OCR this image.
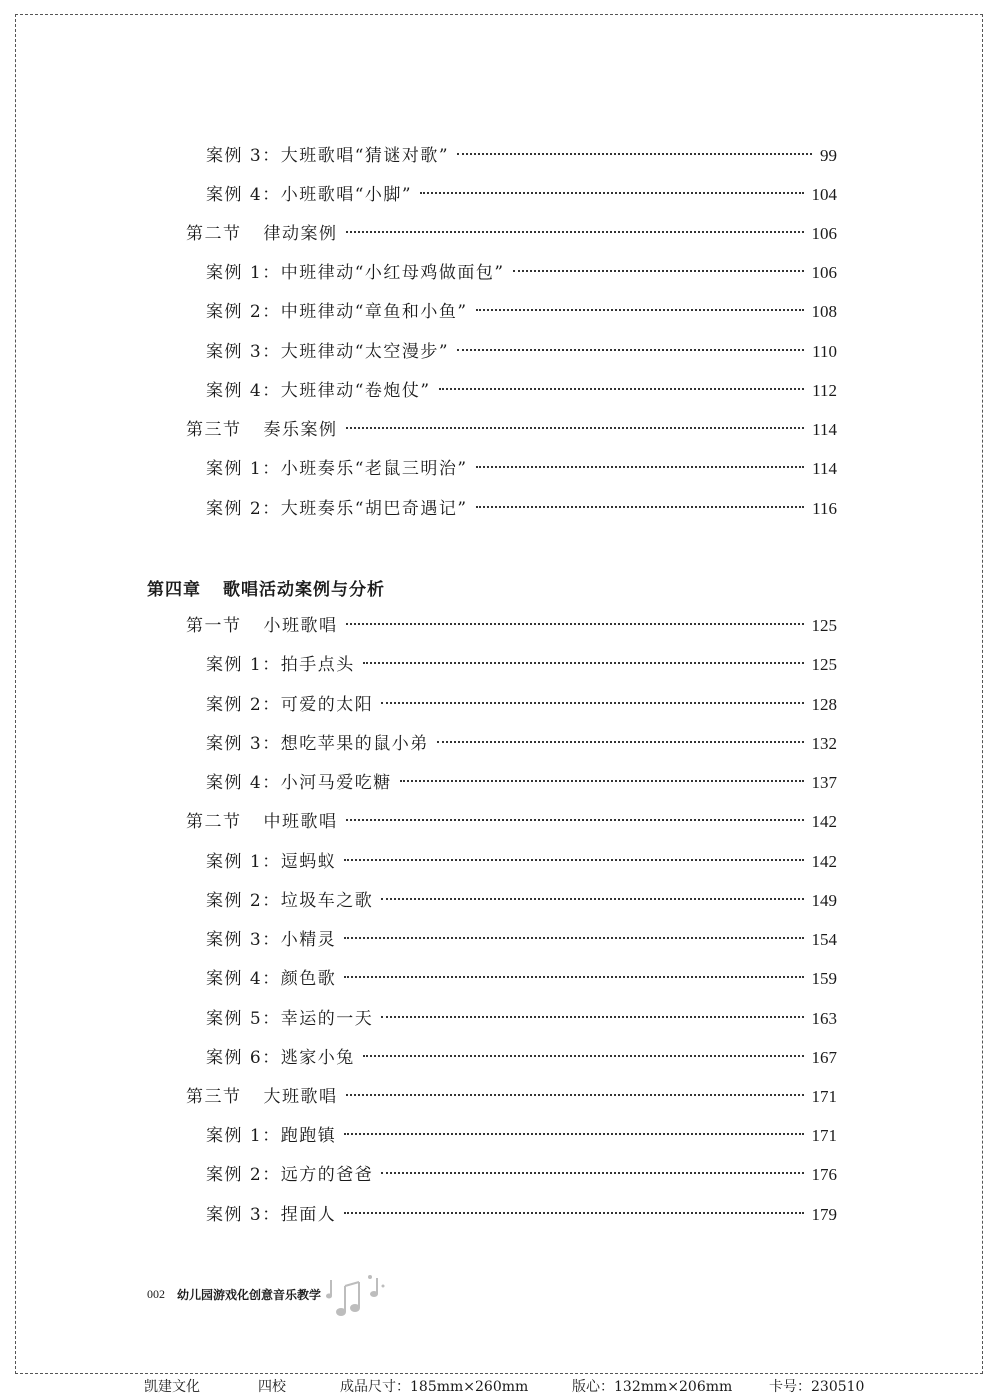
案例 3：大班歌唱“猜谜对歌”	99
案例 4：小班歌唱“小脚”	104
第二节 律动案例	106
案例 1：中班律动“小红母鸡做面包”	106
案例 2：中班律动“章鱼和小鱼”	108
案例 3：大班律动“太空漫步”	110
案例 4：大班律动“卷炮仗”	112
第三节 奏乐案例	114
案例 1：小班奏乐“老鼠三明治”	114
案例 2：大班奏乐“胡巴奇遇记”	116
第四章 歌唱活动案例与分析
第一节 小班歌唱	125
案例 1：拍手点头	125
案例 2：可爱的太阳	128
案例 3：想吃苹果的鼠小弟	132
案例 4：小河马爱吃糖	137
第二节 中班歌唱	142
案例 1：逗蚂蚁	142
案例 2：垃圾车之歌	149
案例 3：小精灵	154
案例 4：颜色歌	159
案例 5：幸运的一天	163
案例 6：逃家小兔	167
第三节 大班歌唱	171
案例 1：跑跑镇	171
案例 2：远方的爸爸	176
案例 3：捏面人	179
002 幼儿园游戏化创意音乐教学
凯建文化	四校	成品尺寸：185mm×260mm	版心：132mm×206mm	卡号：230510
